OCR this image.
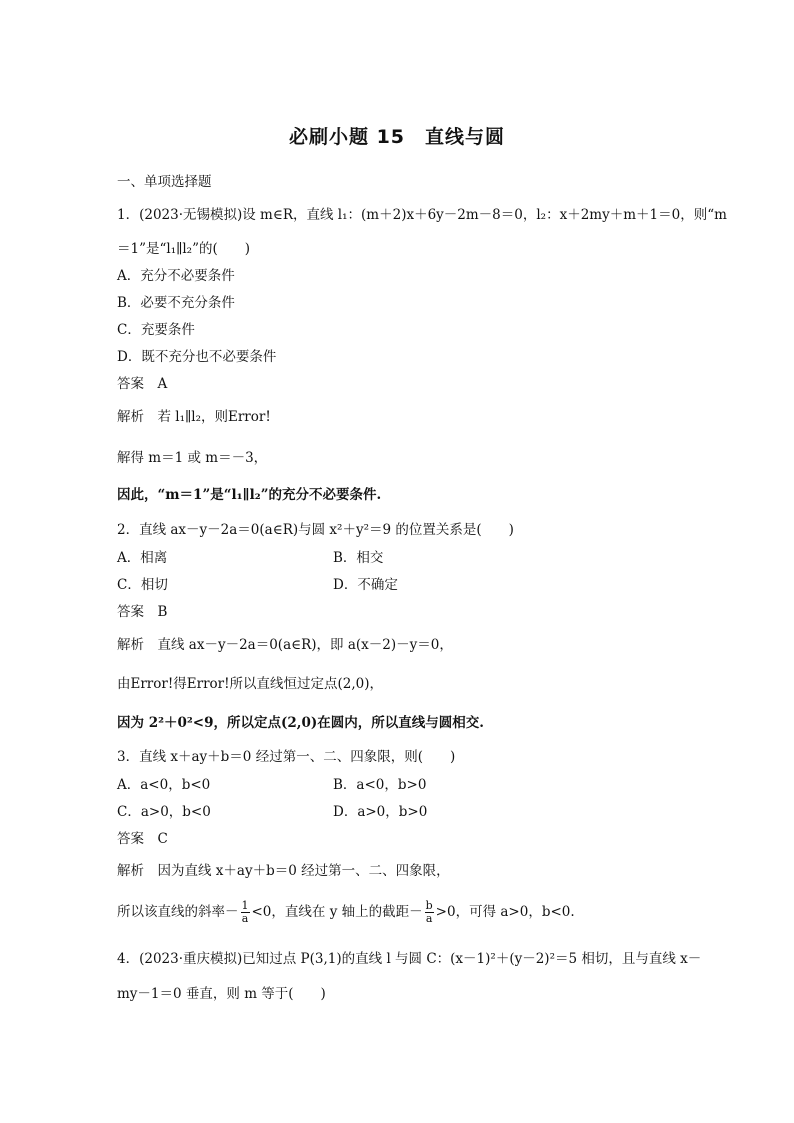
必刷小题 15　直线与圆
一、单项选择题
1．(2023·无锡模拟)设 m∈R，直线 l₁：(m＋2)x＋6y－2m－8＝0，l₂：x＋2my＋m＋1＝0，则“m
＝1”是“l₁∥l₂”的(　　)
A．充分不必要条件
B．必要不充分条件
C．充要条件
D．既不充分也不必要条件
答案　A
解析　若 l₁∥l₂，则Error!
解得 m＝1 或 m＝－3，
因此，“m＝1”是“l₁∥l₂”的充分不必要条件.
2．直线 ax－y－2a＝0(a∈R)与圆 x²＋y²＝9 的位置关系是(　　)
A．相离	B．相交
C．相切	D．不确定
答案　B
解析　直线 ax－y－2a＝0(a∈R)，即 a(x－2)－y＝0，
由Error!得Error!所以直线恒过定点(2,0)，
因为 2²＋0²<9，所以定点(2,0)在圆内，所以直线与圆相交.
3．直线 x＋ay＋b＝0 经过第一、二、四象限，则(　　)
A．a<0，b<0	B．a<0，b>0
C．a>0，b<0	D．a>0，b>0
答案　C
解析　因为直线 x＋ay＋b＝0 经过第一、二、四象限，
所以该直线的斜率－ $\frac{1}{a} <0$，直线在 y 轴上的截距－ $\frac{b}{a} >0$，可得 a>0，b<0.
4．(2023·重庆模拟)已知过点 P(3,1)的直线 l 与圆 C：(x－1)²＋(y－2)²＝5 相切，且与直线 x－
my－1＝0 垂直，则 m 等于(　　)
